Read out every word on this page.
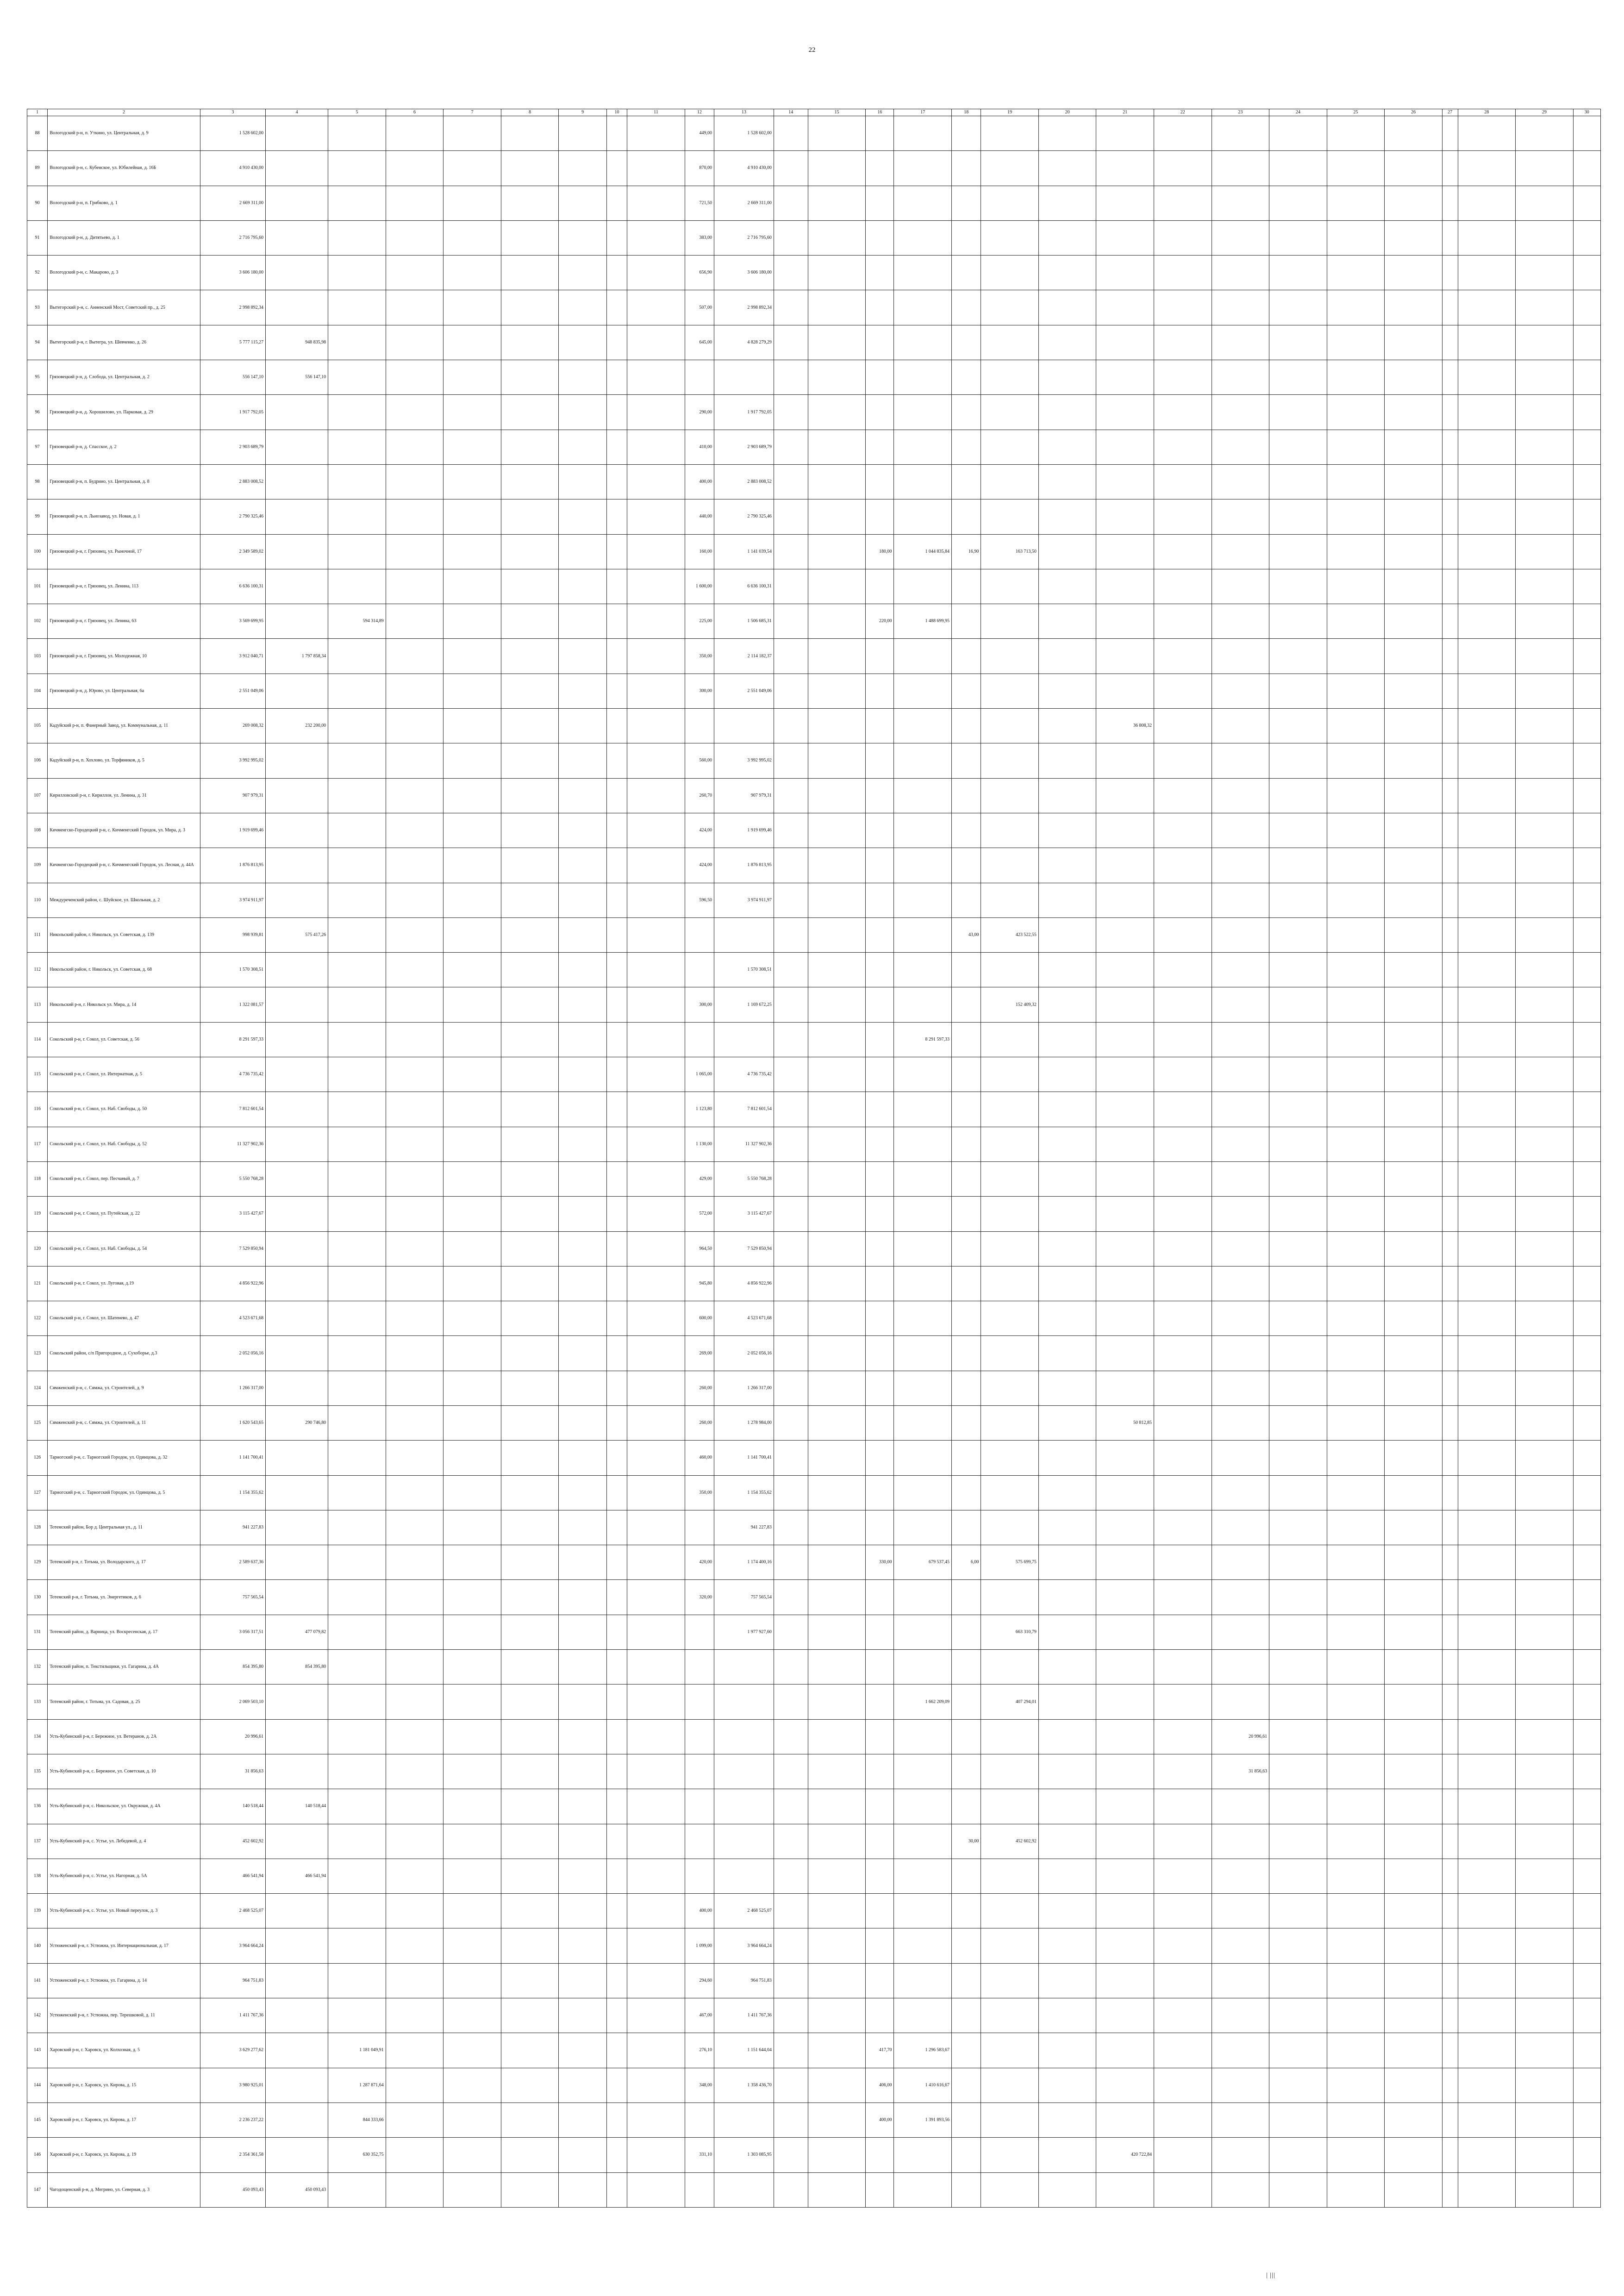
22
1	2	3	4	5	6	7	8	9	10	11	12	13	14	15	16	17	18	19	20	21	22	23	24	25	26	27	28	29	30
88	Вологодский р-н, п. Уткино, ул. Центральная, д. 9	1 528 602,00									449,00	1 528 602,00																	
89	Вологодский р-н, с. Кубенское, ул. Юбилейная, д. 16Б	4 910 430,00									870,00	4 910 430,00																	
90	Вологодский р-н, п. Грибково, д. 1	2 669 311,00									721,50	2 669 311,00																	
91	Вологодский р-н, д. Дитятьево, д. 1	2 716 795,60									383,00	2 716 795,60																	
92	Вологодский р-н, с. Макарово, д. 3	3 606 180,00									656,90	3 606 180,00																	
93	Вытегорский р-н, с. Анненский Мост, Советский пр., д. 25	2 998 892,34									507,00	2 998 892,34																	
94	Вытегорский р-н, г. Вытегра, ул. Шевченко, д. 26	5 777 115,27	948 835,98								645,00	4 828 279,29																	
95	Грязовецкий р-н, д. Слобода, ул. Центральная, д. 2	556 147,10	556 147,10																										
96	Грязовецкий р-н, д. Хорошилово, ул. Парковая, д. 29	1 917 792,05									290,00	1 917 792,05																	
97	Грязовецкий р-н, д. Спасское, д. 2	2 903 689,79									410,00	2 903 689,79																	
98	Грязовецкий р-н, п. Будрино, ул. Центральная, д. 8	2 883 008,52									400,00	2 883 008,52																	
99	Грязовецкий р-н, п. Льнозавод, ул. Новая, д. 1	2 790 325,46									440,00	2 790 325,46																	
100	Грязовецкий р-н, г. Грязовец, ул. Рыночной, 17	2 349 589,02									160,00	1 141 039,54			180,00	1 044 835,84	16,90	163 713,50											
101	Грязовецкий р-н, г. Грязовец, ул. Ленина, 113	6 636 100,31									1 600,00	6 636 100,31																	
102	Грязовецкий р-н, г. Грязовец, ул. Ленина, 63	3 569 699,95		594 314,89							225,00	1 506 685,31			220,00	1 488 699,95													
103	Грязовецкий р-н, г. Грязовец, ул. Молодежная, 10	3 912 040,71	1 797 858,34								350,00	2 114 182,37																	
104	Грязовецкий р-н, д. Юрово, ул. Центральная, 6а	2 551 049,06									300,00	2 551 049,06																	
105	Кадуйский р-н, п. Фанерный Завод, ул. Коммунальная, д. 11	269 008,32	232 200,00																	36 808,32									
106	Кадуйский р-н, п. Хохлово, ул. Торфяников, д. 5	3 992 995,02									560,00	3 992 995,02																	
107	Кирилловский р-н, г. Кириллов, ул. Ленина, д. 31	907 979,31									260,70	907 979,31																	
108	Кичменгско-Городецкий р-н, с. Кичменгский Городок, ул. Мира, д. 3	1 919 699,46									424,00	1 919 699,46																	
109	Кичменгско-Городецкий р-н, с. Кичменгский Городок, ул. Лесная, д. 44А	1 876 813,95									424,00	1 876 813,95																	
110	Междуреченский район, с. Шуйское, ул. Школьная, д. 2	3 974 911,97									596,50	3 974 911,97																	
111	Никольский район, г. Никольск, ул. Советская, д. 139	998 939,81	575 417,26														43,00	423 522,55											
112	Никольский район, г. Никольск, ул. Советская, д. 68	1 570 308,51										1 570 308,51																	
113	Никольский р-н, г. Никольск ул. Мира, д. 14	1 322 081,57									300,00	1 169 672,25						152 409,32											
114	Сокольский р-н, г. Сокол, ул. Советская, д. 56	8 291 597,33														8 291 597,33													
115	Сокольский р-н, г. Сокол, ул. Интернатная, д. 5	4 736 735,42									1 065,00	4 736 735,42																	
116	Сокольский р-н, г. Сокол, ул. Наб. Свободы, д. 50	7 812 601,54									1 123,80	7 812 601,54																	
117	Сокольский р-н, г. Сокол, ул. Наб. Свободы, д. 52	11 327 902,36									1 130,00	11 327 902,36																	
118	Сокольский р-н, г. Сокол, пер. Песчаный, д. 7	5 550 768,28									429,00	5 550 768,28																	
119	Сокольский р-н, г. Сокол, ул. Путейская, д. 22	3 115 427,67									572,00	3 115 427,67																	
120	Сокольский р-н, г. Сокол, ул. Наб. Свободы, д. 54	7 529 850,94									964,50	7 529 850,94																	
121	Сокольский р-н, г. Сокол, ул. Луговая, д.19	4 856 922,96									945,80	4 856 922,96																	
122	Сокольский р-н, г. Сокол, ул. Шатенево, д. 47	4 523 671,68									600,00	4 523 671,68																	
123	Сокольский район, с/п Пригородное, д. Сухоборье, д.3	2 052 056,16									269,00	2 052 056,16																	
124	Сямженский р-н, с. Сямжа, ул. Строителей, д. 9	1 266 317,00									260,00	1 266 317,00																	
125	Сямженский р-н, с. Сямжа, ул. Строителей, д. 11	1 620 543,65	290 746,80								260,00	1 278 984,00								50 812,85									
126	Тарногский р-н, с. Тарногский Городок, ул. Одинцова, д. 32	1 141 700,41									460,00	1 141 700,41																	
127	Тарногский р-н, с. Тарногский Городок, ул. Одинцова, д. 5	1 154 355,62									350,00	1 154 355,62																	
128	Тотемский район, Бор д. Центральная ул., д. 11	941 227,83										941 227,83																	
129	Тотемский р-н, г. Тотьма, ул. Володарского, д. 17	2 589 637,36									420,00	1 174 400,16			330,00	679 537,45	6,00	575 699,75											
130	Тотемский р-н, г. Тотьма, ул. Энергетиков, д. 6	757 565,54									320,00	757 565,54																	
131	Тотемский район, д. Варница, ул. Воскресенская, д. 17	3 056 317,51	477 079,82									1 977 927,60						663 310,79											
132	Тотемский район, п. Текстильщики, ул. Гагарина, д. 4А	854 395,80	854 395,80																										
133	Тотемский район, г. Тотьма, ул. Садовая, д. 25	2 069 503,10														1 662 209,09		407 294,01											
134	Усть-Кубинский р-н, г. Бережное, ул. Ветеранов, д. 2А	20 996,61																				20 996,61							
135	Усть-Кубинский р-н, с. Бережное, ул. Советская, д. 10	31 856,63																				31 856,63							
136	Усть-Кубинский р-н, с. Никольское, ул. Окружная, д. 4А	140 518,44	140 518,44																										
137	Усть-Кубинский р-н, с. Устье, ул. Лебедевой, д. 4	452 602,92															30,00	452 602,92											
138	Усть-Кубинский р-н, с. Устье, ул. Нагорная, д. 5А	466 541,94	466 541,94																										
139	Усть-Кубинский р-н, с. Устье, ул. Новый переулок, д. 3	2 468 525,07									400,00	2 468 525,07																	
140	Устюженский р-н, г. Устюжна, ул. Интернациональная, д. 17	3 964 664,24									1 099,00	3 964 664,24																	
141	Устюженский р-н, г. Устюжна, ул. Гагарина, д. 14	964 751,83									294,60	964 751,83																	
142	Устюженский р-н, г. Устюжна, пер. Терешковой, д. 11	1 411 767,36									467,00	1 411 767,36																	
143	Харовский р-н, г. Харовск, ул. Колхозная, д. 5	3 629 277,62		1 181 049,91							276,10	1 151 644,04			417,70	1 296 583,67													
144	Харовский р-н, г. Харовск, ул. Кирова, д. 15	3 980 925,01		1 287 871,64							348,00	1 358 436,70			406,00	1 410 616,67													
145	Харовский р-н, г. Харовск, ул. Кирова, д. 17	2 236 237,22		844 333,66											400,00	1 391 893,56													
146	Харовский р-н, г. Харовск, ул. Кирова, д. 19	2 354 361,58		630 352,75							331,10	1 303 085,95								420 722,84									
147	Чагодощенский р-н, д. Мегрино, ул. Северная, д. 3	450 093,43	450 093,43																										
| |||
